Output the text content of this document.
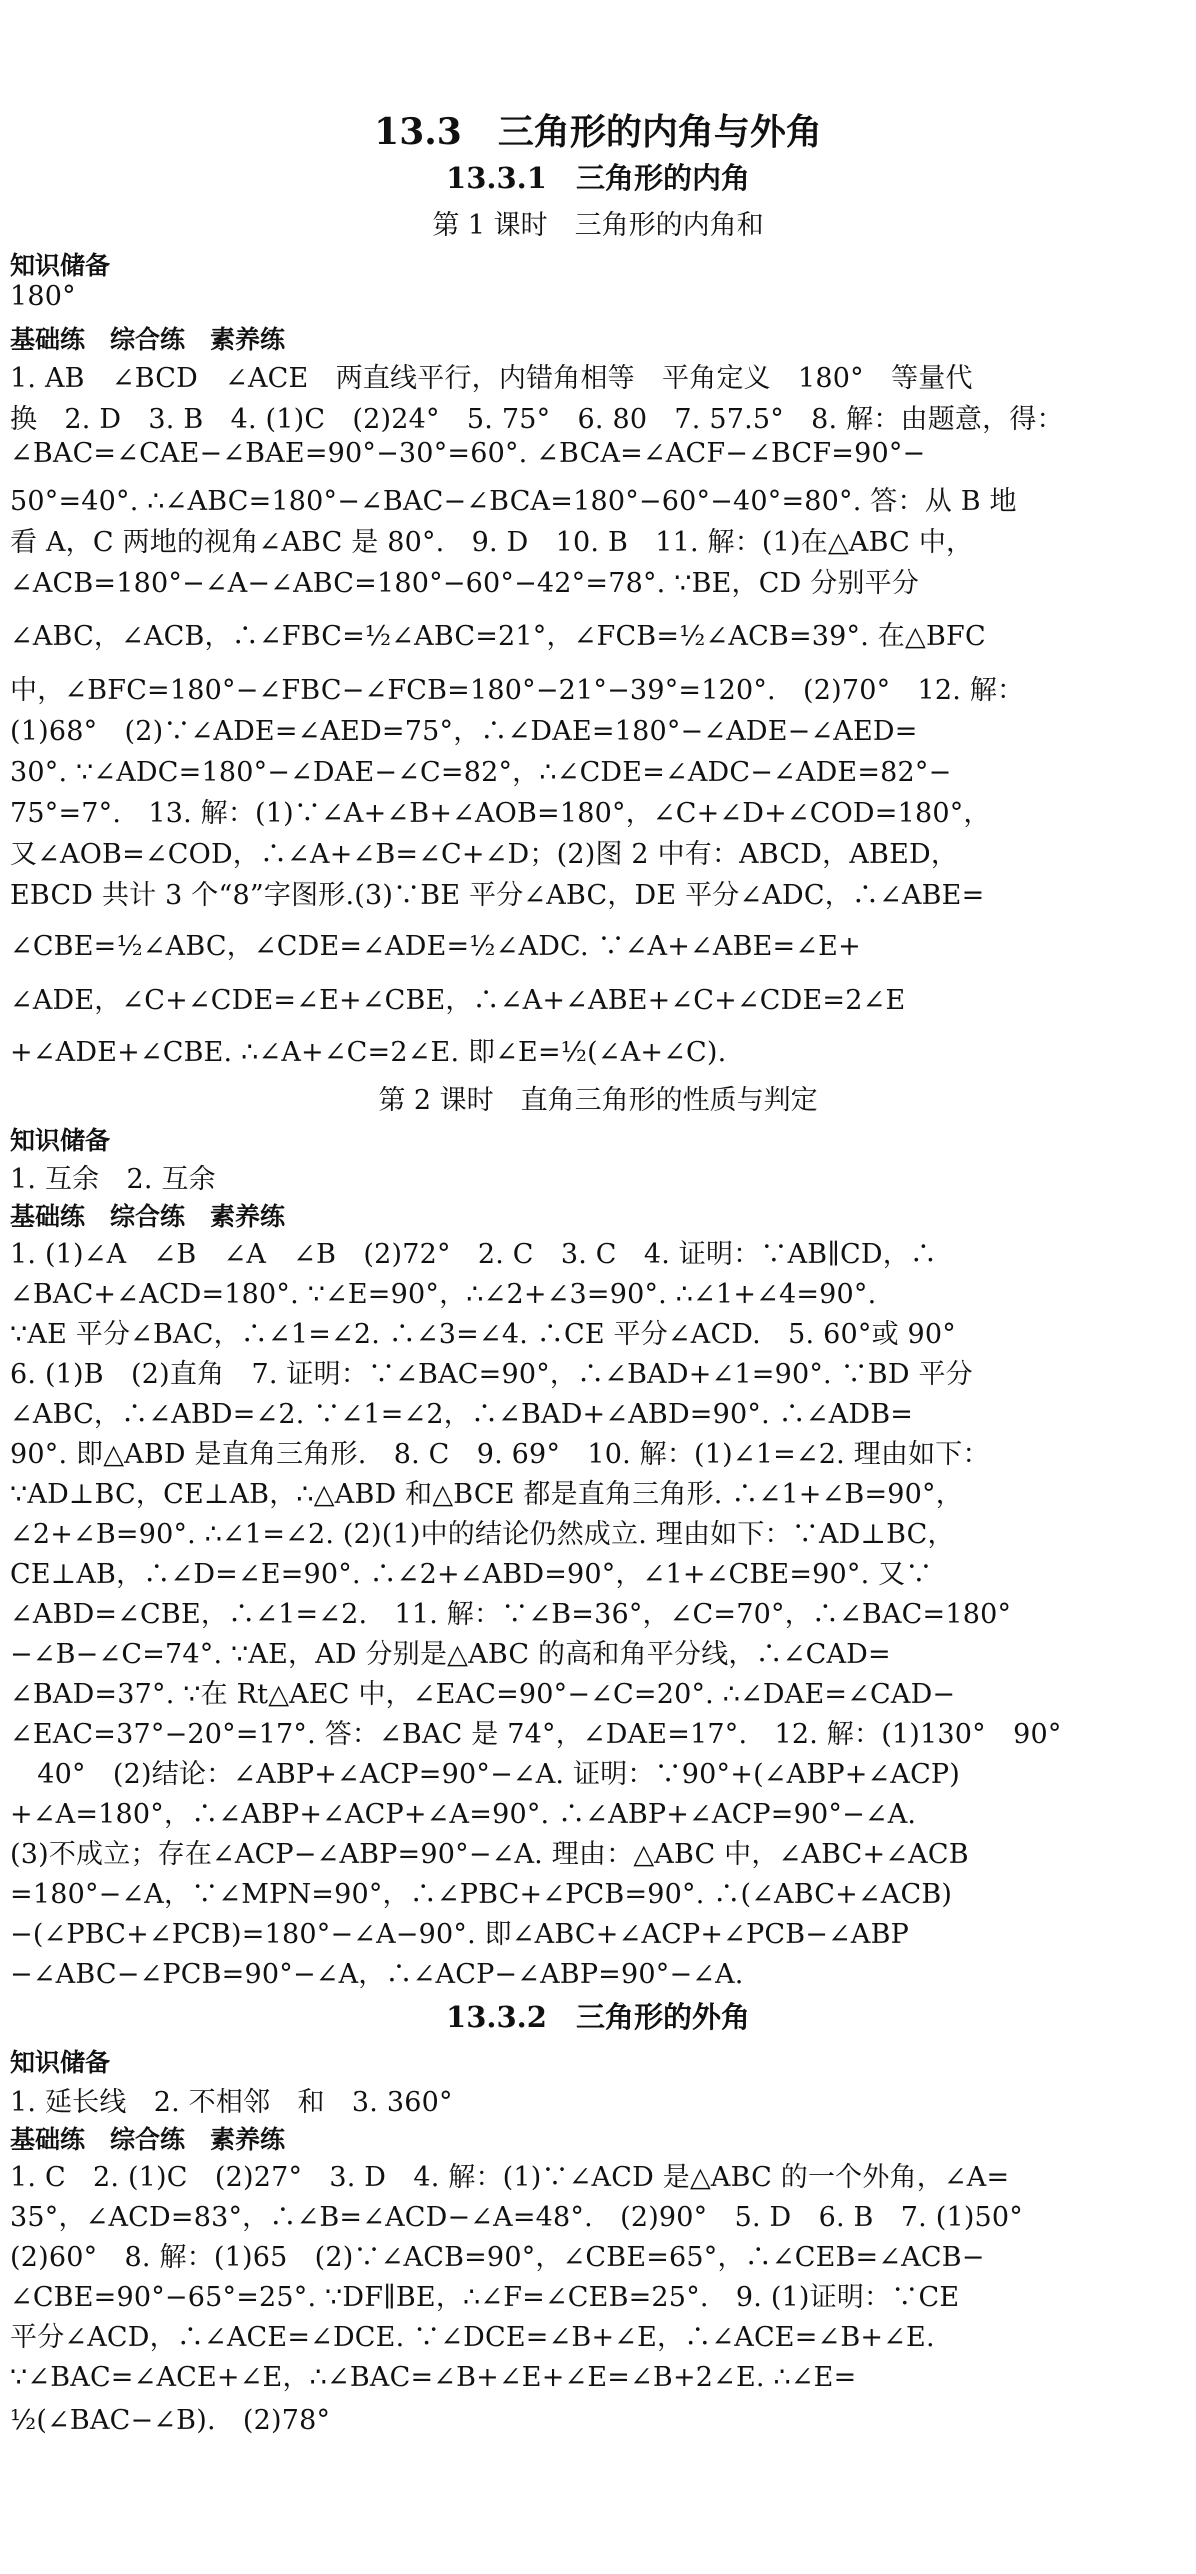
13.3　三角形的内角与外角
13.3.1　三角形的内角
第 1 课时　三角形的内角和
知识储备
180°
基础练　综合练　素养练
1. AB　∠BCD　∠ACE　两直线平行，内错角相等　平角定义　180°　等量代
换　2. D　3. B　4. (1)C　(2)24°　5. 75°　6. 80　7. 57.5°　8. 解：由题意，得：
∠BAC=∠CAE−∠BAE=90°−30°=60°. ∠BCA=∠ACF−∠BCF=90°−
50°=40°. ∴∠ABC=180°−∠BAC−∠BCA=180°−60°−40°=80°. 答：从 B 地
看 A，C 两地的视角∠ABC 是 80°.　9. D　10. B　11. 解：(1)在△ABC 中，
∠ACB=180°−∠A−∠ABC=180°−60°−42°=78°. ∵BE，CD 分别平分
∠ABC，∠ACB，∴∠FBC=½∠ABC=21°，∠FCB=½∠ACB=39°. 在△BFC
中，∠BFC=180°−∠FBC−∠FCB=180°−21°−39°=120°.　(2)70°　12. 解：
(1)68°　(2)∵∠ADE=∠AED=75°，∴∠DAE=180°−∠ADE−∠AED=
30°. ∵∠ADC=180°−∠DAE−∠C=82°，∴∠CDE=∠ADC−∠ADE=82°−
75°=7°.　13. 解：(1)∵∠A+∠B+∠AOB=180°，∠C+∠D+∠COD=180°，
又∠AOB=∠COD，∴∠A+∠B=∠C+∠D；(2)图 2 中有：ABCD，ABED，
EBCD 共计 3 个“8”字图形.(3)∵BE 平分∠ABC，DE 平分∠ADC，∴∠ABE=
∠CBE=½∠ABC，∠CDE=∠ADE=½∠ADC. ∵∠A+∠ABE=∠E+
∠ADE，∠C+∠CDE=∠E+∠CBE，∴∠A+∠ABE+∠C+∠CDE=2∠E
+∠ADE+∠CBE. ∴∠A+∠C=2∠E. 即∠E=½(∠A+∠C).
第 2 课时　直角三角形的性质与判定
知识储备
1. 互余　2. 互余
基础练　综合练　素养练
1. (1)∠A　∠B　∠A　∠B　(2)72°　2. C　3. C　4. 证明：∵AB∥CD，∴
∠BAC+∠ACD=180°. ∵∠E=90°，∴∠2+∠3=90°. ∴∠1+∠4=90°.
∵AE 平分∠BAC，∴∠1=∠2. ∴∠3=∠4. ∴CE 平分∠ACD.　5. 60°或 90°
6. (1)B　(2)直角　7. 证明：∵∠BAC=90°，∴∠BAD+∠1=90°. ∵BD 平分
∠ABC，∴∠ABD=∠2. ∵∠1=∠2，∴∠BAD+∠ABD=90°. ∴∠ADB=
90°. 即△ABD 是直角三角形.　8. C　9. 69°　10. 解：(1)∠1=∠2. 理由如下：
∵AD⊥BC，CE⊥AB，∴△ABD 和△BCE 都是直角三角形. ∴∠1+∠B=90°，
∠2+∠B=90°. ∴∠1=∠2. (2)(1)中的结论仍然成立. 理由如下：∵AD⊥BC，
CE⊥AB，∴∠D=∠E=90°. ∴∠2+∠ABD=90°，∠1+∠CBE=90°. 又∵
∠ABD=∠CBE，∴∠1=∠2.　11. 解：∵∠B=36°，∠C=70°，∴∠BAC=180°
−∠B−∠C=74°. ∵AE，AD 分别是△ABC 的高和角平分线，∴∠CAD=
∠BAD=37°. ∵在 Rt△AEC 中，∠EAC=90°−∠C=20°. ∴∠DAE=∠CAD−
∠EAC=37°−20°=17°. 答：∠BAC 是 74°，∠DAE=17°.　12. 解：(1)130°　90°
　40°　(2)结论：∠ABP+∠ACP=90°−∠A. 证明：∵90°+(∠ABP+∠ACP)
+∠A=180°，∴∠ABP+∠ACP+∠A=90°. ∴∠ABP+∠ACP=90°−∠A.
(3)不成立；存在∠ACP−∠ABP=90°−∠A. 理由：△ABC 中，∠ABC+∠ACB
=180°−∠A，∵∠MPN=90°，∴∠PBC+∠PCB=90°. ∴(∠ABC+∠ACB)
−(∠PBC+∠PCB)=180°−∠A−90°. 即∠ABC+∠ACP+∠PCB−∠ABP
−∠ABC−∠PCB=90°−∠A，∴∠ACP−∠ABP=90°−∠A.
13.3.2　三角形的外角
知识储备
1. 延长线　2. 不相邻　和　3. 360°
基础练　综合练　素养练
1. C　2. (1)C　(2)27°　3. D　4. 解：(1)∵∠ACD 是△ABC 的一个外角，∠A=
35°，∠ACD=83°，∴∠B=∠ACD−∠A=48°.　(2)90°　5. D　6. B　7. (1)50°
(2)60°　8. 解：(1)65　(2)∵∠ACB=90°，∠CBE=65°，∴∠CEB=∠ACB−
∠CBE=90°−65°=25°. ∵DF∥BE，∴∠F=∠CEB=25°.　9. (1)证明：∵CE
平分∠ACD，∴∠ACE=∠DCE. ∵∠DCE=∠B+∠E，∴∠ACE=∠B+∠E.
∵∠BAC=∠ACE+∠E，∴∠BAC=∠B+∠E+∠E=∠B+2∠E. ∴∠E=
½(∠BAC−∠B).　(2)78°
